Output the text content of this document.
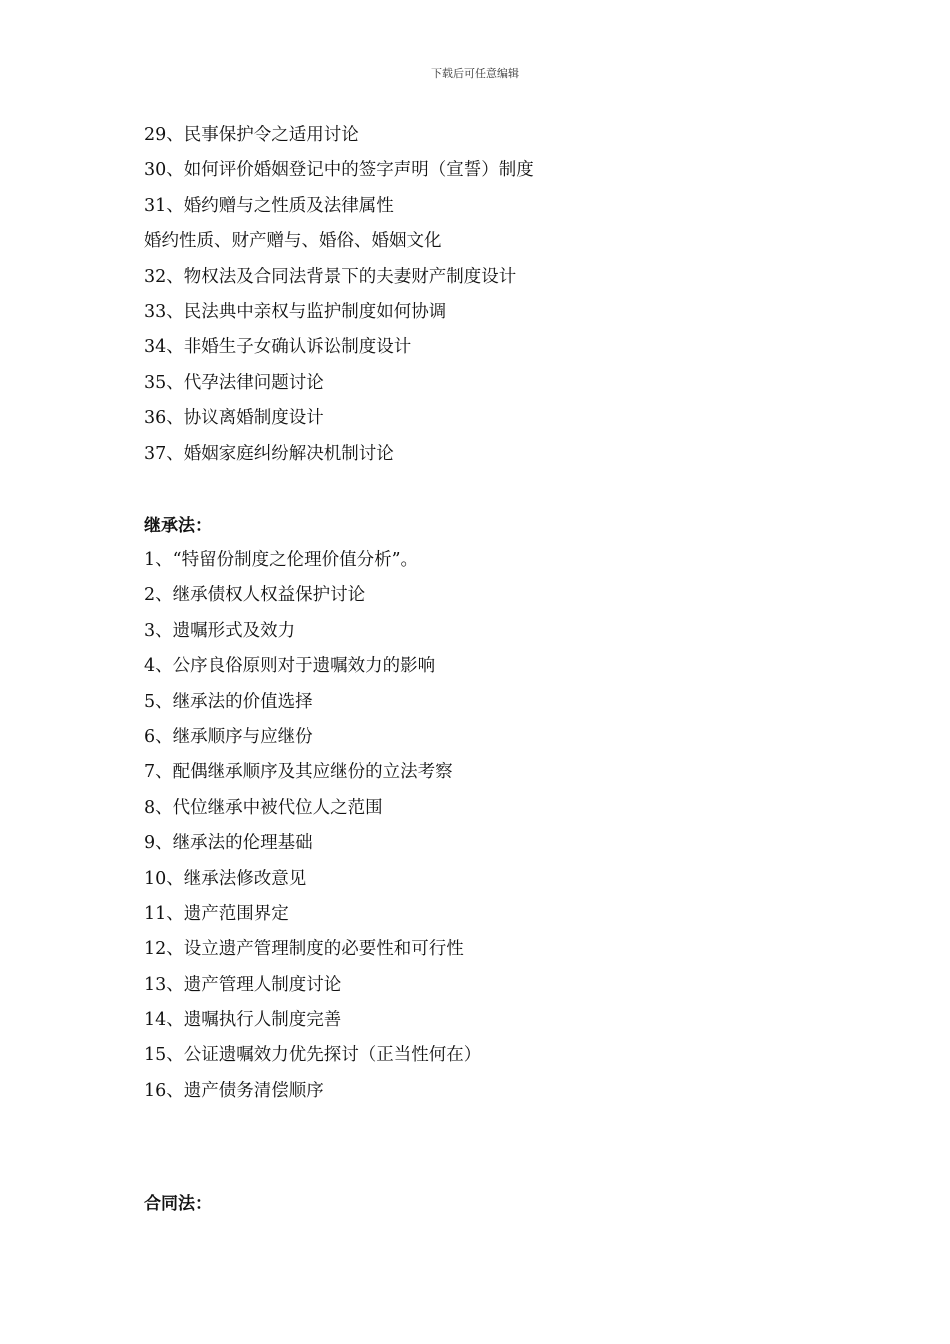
下载后可任意编辑
29、民事保护令之适用讨论
30、如何评价婚姻登记中的签字声明（宣誓）制度
31、婚约赠与之性质及法律属性
婚约性质、财产赠与、婚俗、婚姻文化
32、物权法及合同法背景下的夫妻财产制度设计
33、民法典中亲权与监护制度如何协调
34、非婚生子女确认诉讼制度设计
35、代孕法律问题讨论
36、协议离婚制度设计
37、婚姻家庭纠纷解决机制讨论
继承法：
1、“特留份制度之伦理价值分析”。
2、继承债权人权益保护讨论
3、遗嘱形式及效力
4、公序良俗原则对于遗嘱效力的影响
5、继承法的价值选择
6、继承顺序与应继份
7、配偶继承顺序及其应继份的立法考察
8、代位继承中被代位人之范围
9、继承法的伦理基础
10、继承法修改意见
11、遗产范围界定
12、设立遗产管理制度的必要性和可行性
13、遗产管理人制度讨论
14、遗嘱执行人制度完善
15、公证遗嘱效力优先探讨（正当性何在）
16、遗产债务清偿顺序
合同法：
